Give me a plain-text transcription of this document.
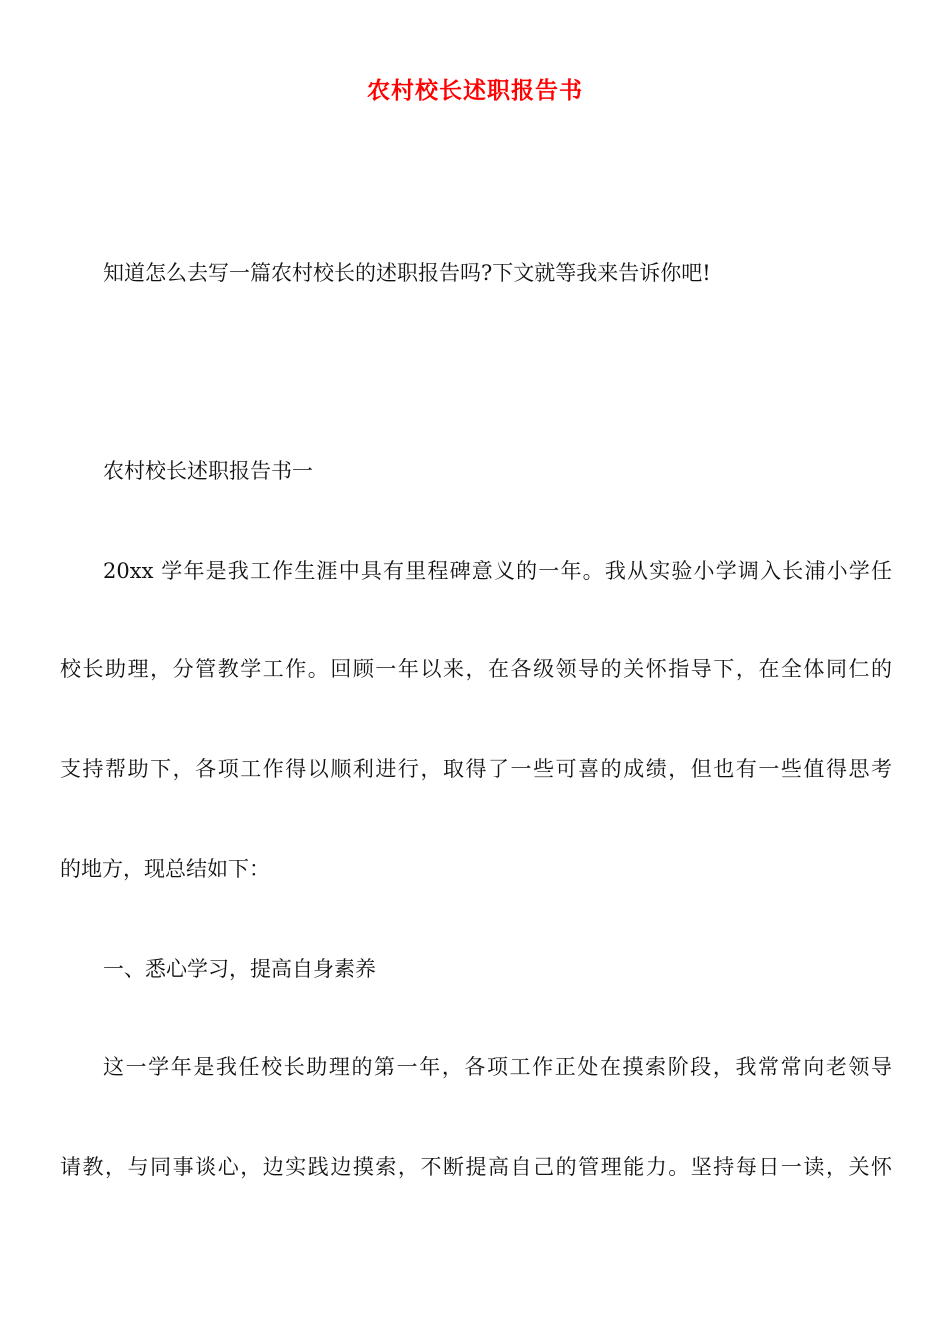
农村校长述职报告书

知道怎么去写一篇农村校长的述职报告吗?下文就等我来告诉你吧!

农村校长述职报告书一

20xx 学年是我工作生涯中具有里程碑意义的一年。我从实验小学调入长浦小学任

校长助理，分管教学工作。回顾一年以来，在各级领导的关怀指导下，在全体同仁的

支持帮助下，各项工作得以顺利进行，取得了一些可喜的成绩，但也有一些值得思考

的地方，现总结如下：

一、悉心学习，提高自身素养

这一学年是我任校长助理的第一年，各项工作正处在摸索阶段，我常常向老领导

请教，与同事谈心，边实践边摸索，不断提高自己的管理能力。坚持每日一读，关怀
